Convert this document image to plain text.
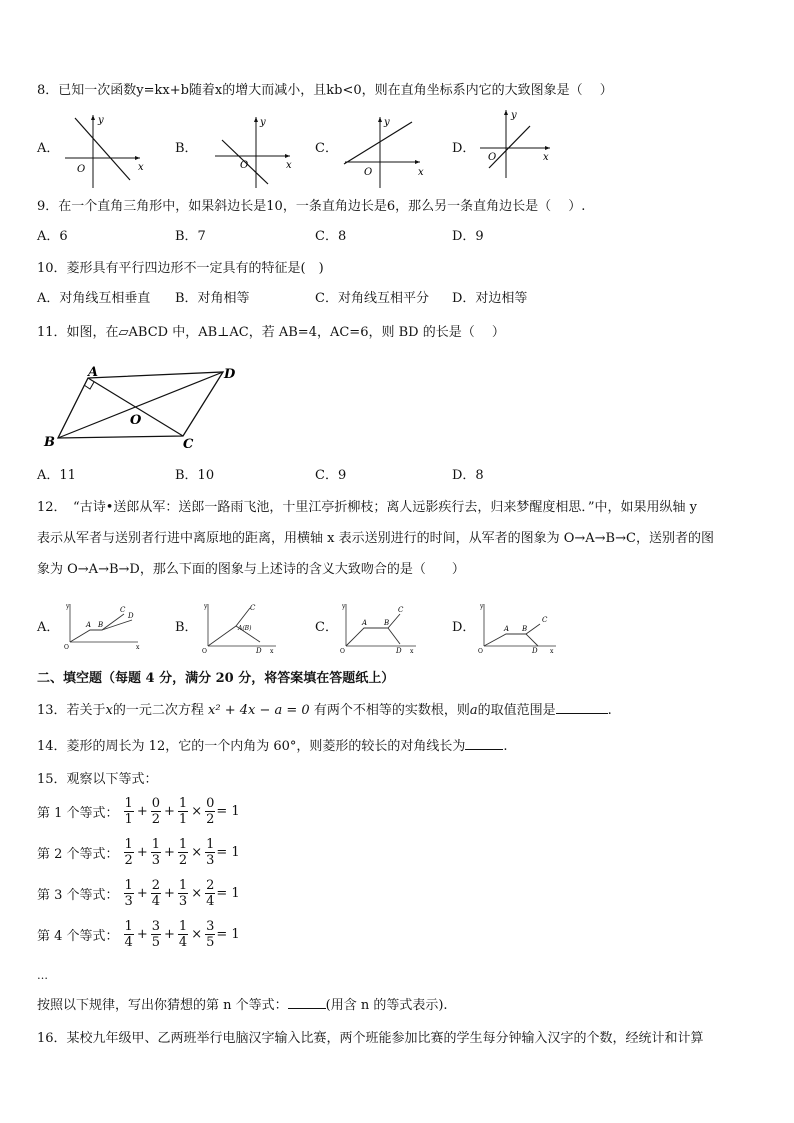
8．已知一次函数y=kx+b随着x的增大而减小，且kb<0，则在直角坐标系内它的大致图象是（　 ）
A．
y
x
O
B．
y
x
O
C．
y
x
O
D．
y
x
O
9．在一个直角三角形中，如果斜边长是10，一条直角边长是6，那么另一条直角边长是（　 ）.
A．6	B．7	C．8	D．9
10．菱形具有平行四边形不一定具有的特征是(　)
A．对角线互相垂直 B．对角相等	C．对角线互相平分 D．对边相等
11．如图，在▱ABCD 中，AB⊥AC，若 AB=4，AC=6，则 BD 的长是（　 ）
A	D
B	C
O
A．11	B．10	C．9	D．8
12．　“古诗•送郎从军：送郎一路雨飞池，十里江亭折柳枝；离人远影疾行去，归来梦醒度相思．”中，如果用纵轴 y
表示从军者与送别者行进中离原地的距离，用横轴 x 表示送别进行的时间，从军者的图象为 O→A→B→C，送别者的图
象为 O→A→B→D，那么下面的图象与上述诗的含义大致吻合的是（　　）
A．
y
O	x
A B
C
D
B．
y
O	x
A(B)
C
D
C．
y
O	x
A B
C
D
D．
y
O	x
A B
C
D
二、填空题（每题 4 分，满分 20 分，将答案填在答题纸上）
13．若关于x的一元二次方程 x² + 4x − a = 0 有两个不相等的实数根，则a的取值范围是	.
14．菱形的周长为 12，它的一个内角为 60°，则菱形的较长的对角线长为	.
15．观察以下等式：
第 1 个等式： $\frac{1}{1} + \frac{0}{2} + \frac{1}{1} \times \frac{0}{2} = 1$
第 2 个等式： $\frac{1}{2} + \frac{1}{3} + \frac{1}{2} \times \frac{1}{3} = 1$
第 3 个等式： $\frac{1}{3} + \frac{2}{4} + \frac{1}{3} \times \frac{2}{4} = 1$
第 4 个等式： $\frac{1}{4} + \frac{3}{5} + \frac{1}{4} \times \frac{3}{5} = 1$
…
按照以下规律，写出你猜想的第 n 个等式：	(用含 n 的等式表示).
16．某校九年级甲、乙两班举行电脑汉字输入比赛，两个班能参加比赛的学生每分钟输入汉字的个数，经统计和计算
